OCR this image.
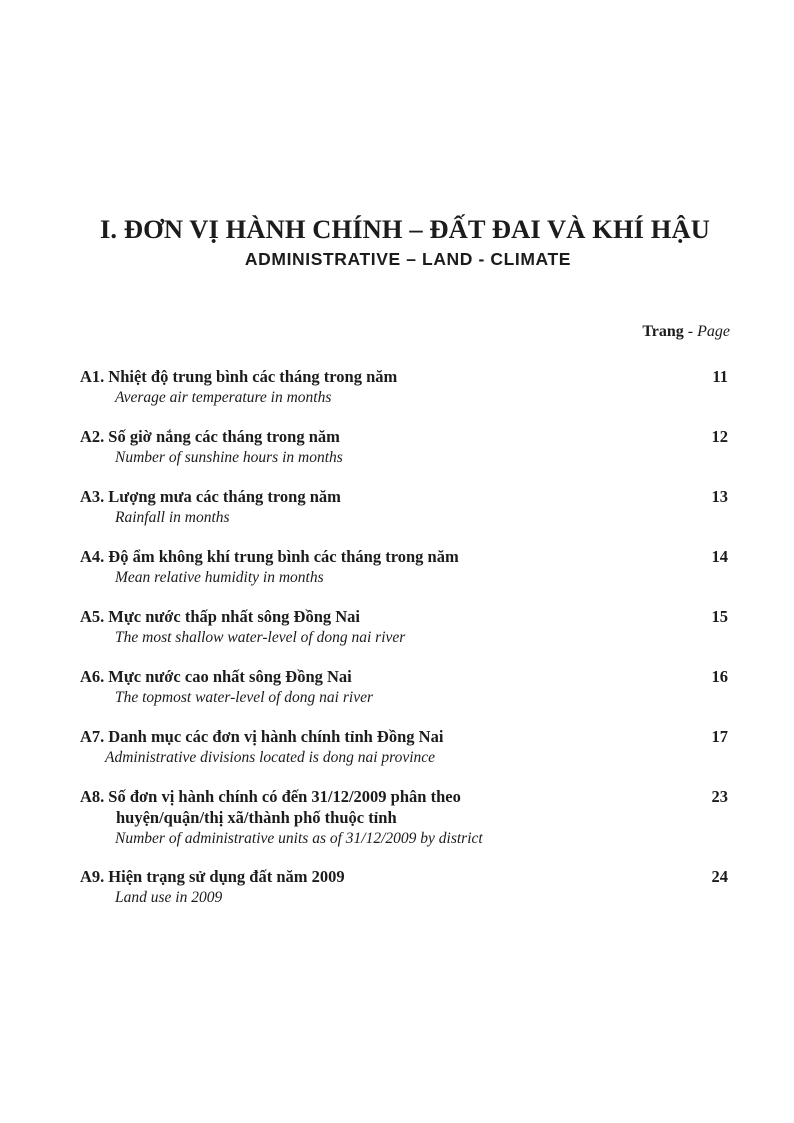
I. ĐƠN VỊ HÀNH CHÍNH – ĐẤT ĐAI VÀ KHÍ HẬU
ADMINISTRATIVE – LAND - CLIMATE
Trang - Page
A1. Nhiệt độ trung bình các tháng trong năm
Average air temperature in months
11
A2. Số giờ nắng các tháng trong năm
Number of sunshine hours in months
12
A3. Lượng mưa các tháng trong năm
Rainfall in months
13
A4. Độ ẩm không khí trung bình các tháng trong năm
Mean relative humidity in months
14
A5. Mực nước thấp nhất sông Đồng Nai
The most shallow water-level of dong nai river
15
A6. Mực nước cao nhất sông Đồng Nai
The topmost water-level of dong nai river
16
A7. Danh mục các đơn vị hành chính tỉnh Đồng Nai
Administrative divisions located is dong nai province
17
A8. Số đơn vị hành chính có đến 31/12/2009 phân theo
huyện/quận/thị xã/thành phố thuộc tỉnh
Number of administrative units as of 31/12/2009 by district
23
A9. Hiện trạng sử dụng đất năm 2009
Land use in 2009
24
